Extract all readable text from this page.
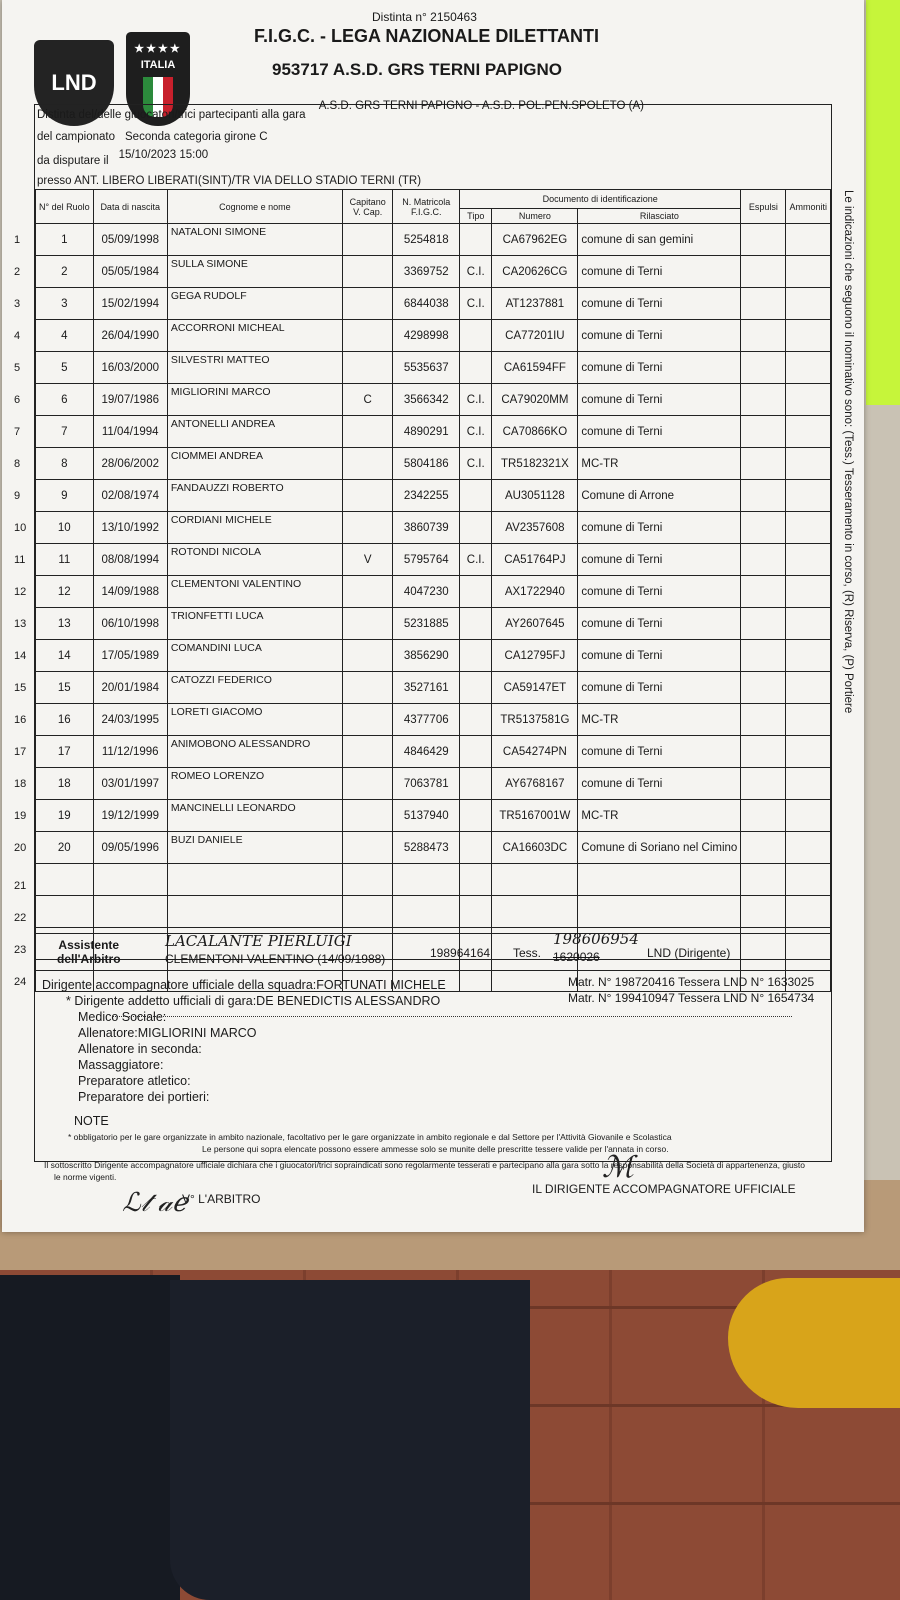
LND
★★★★
ITALIA
Distinta n° 2150463
F.I.G.C. - LEGA NAZIONALE DILETTANTI
953717 A.S.D. GRS TERNI PAPIGNO
Le indicazioni che seguono il nominativo sono: (Tess.) Tesseramento in corso, (R) Riserva, (P) Portiere
Distinta del/delle giuocatori/trici partecipanti alla gara A.S.D. GRS TERNI PAPIGNO - A.S.D. POL.PEN.SPOLETO (A)
del campionato Seconda categoria girone C
da disputare il 15/10/2023 15:00
presso ANT. LIBERO LIBERATI(SINT)/TR VIA DELLO STADIO TERNI (TR)
N° del Ruolo	Data di nascita	Cognome e nome	Capitano V. Cap.	N. Matricola F.I.G.C.	Documento di identificazione			Espulsi	Ammoniti
					Tipo	Numero	Rilasciato		

1 1	05/09/1998	NATALONI SIMONE		5254818		CA67962EG	comune di san gemini		

2 2	05/05/1984	SULLA SIMONE		3369752	C.I.	CA20626CG	comune di Terni		

3 3	15/02/1994	GEGA RUDOLF		6844038	C.I.	AT1237881	comune di Terni		

4 4	26/04/1990	ACCORRONI MICHEAL		4298998		CA77201IU	comune di Terni		

5 5	16/03/2000	SILVESTRI MATTEO		5535637		CA61594FF	comune di Terni		

6 6	19/07/1986	MIGLIORINI MARCO	C	3566342	C.I.	CA79020MM	comune di Terni		

7 7	11/04/1994	ANTONELLI ANDREA		4890291	C.I.	CA70866KO	comune di Terni		

8 8	28/06/2002	CIOMMEI ANDREA		5804186	C.I.	TR5182321X	MC-TR		

9 9	02/08/1974	FANDAUZZI ROBERTO		2342255		AU3051128	Comune di Arrone		

10 10	13/10/1992	CORDIANI MICHELE		3860739		AV2357608	comune di Terni		

11 11	08/08/1994	ROTONDI NICOLA	V	5795764	C.I.	CA51764PJ	comune di Terni		

12 12	14/09/1988	CLEMENTONI VALENTINO		4047230		AX1722940	comune di Terni		

13 13	06/10/1998	TRIONFETTI LUCA		5231885		AY2607645	comune di Terni		

14 14	17/05/1989	COMANDINI LUCA		3856290		CA12795FJ	comune di Terni		

15 15	20/01/1984	CATOZZI FEDERICO		3527161		CA59147ET	comune di Terni		

16 16	24/03/1995	LORETI GIACOMO		4377706		TR5137581G	MC-TR		

17 17	11/12/1996	ANIMOBONO ALESSANDRO		4846429		CA54274PN	comune di Terni		

18 18	03/01/1997	ROMEO LORENZO		7063781		AY6768167	comune di Terni		

19 19	19/12/1999	MANCINELLI LEONARDO		5137940		TR5167001W	MC-TR		

20 20	09/05/1996	BUZI DANIELE		5288473		CA16603DC	Comune di Soriano nel Cimino		

21									

22									

23									

24									

Assistente
dell'Arbitro
LACALANTE PIERLUIGI
CLEMENTONI VALENTINO (14/09/1988)	198964164 Tess.
198606954
1620026	LND (Dirigente)
Dirigente accompagnatore ufficiale della squadra:FORTUNATI MICHELE
* Dirigente addetto ufficiali di gara:DE BENEDICTIS ALESSANDRO
Medico Sociale:
Allenatore:MIGLIORINI MARCO
Allenatore in seconda:
Massaggiatore:
Preparatore atletico:
Preparatore dei portieri:
Matr. N° 198720416 Tessera LND N° 1633025
Matr. N° 199410947 Tessera LND N° 1654734
NOTE
* obbligatorio per le gare organizzate in ambito nazionale, facoltativo per le gare organizzate in ambito regionale e dal Settore per l'Attività Giovanile e Scolastica
Le persone qui sopra elencate possono essere ammesse solo se munite delle prescritte tessere valide per l'annata in corso.
Il sottoscritto Dirigente accompagnatore ufficiale dichiara che i giuocatori/trici sopraindicati sono regolarmente tesserati e partecipano alla gara sotto la responsabilità della Società di appartenenza, giusto
le norme vigenti.
V° L'ARBITRO
IL DIRIGENTE ACCOMPAGNATORE UFFICIALE
ℒ𝓉 𝒶ℯ
ℳ
